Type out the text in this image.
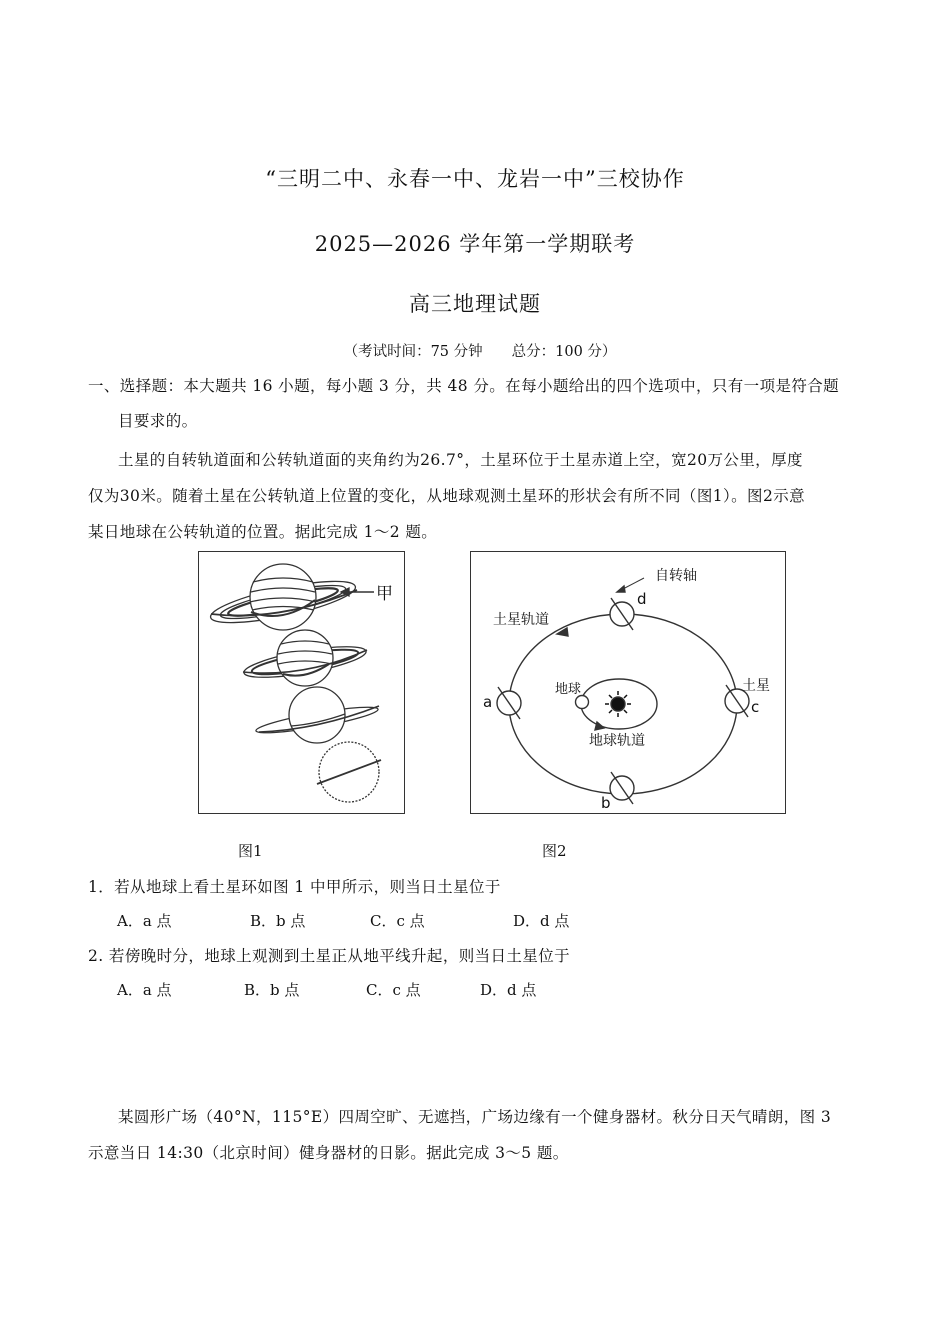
“三明二中、永春一中、龙岩一中”三校协作
2025—2026 学年第一学期联考
高三地理试题
（考试时间：75 分钟　　总分：100 分）
一、选择题：本大题共 16 小题，每小题 3 分，共 48 分。在每小题给出的四个选项中，只有一项是符合题
目要求的。
土星的自转轨道面和公转轨道面的夹角约为26.7°，土星环位于土星赤道上空，宽20万公里，厚度
仅为30米。随着土星在公转轨道上位置的变化，从地球观测土星环的形状会有所不同（图1）。图2示意
某日地球在公转轨道的位置。据此完成 1～2 题。
甲
图1
自转轴
土星轨道
地球
地球轨道
土星
a	c
d
b
图2
1．若从地球上看土星环如图 1 中甲所示，则当日土星位于
A．a 点	B．b 点	C．c 点	D．d 点
2. 若傍晚时分，地球上观测到土星正从地平线升起，则当日土星位于
A．a 点	B．b 点	C．c 点	D．d 点
某圆形广场（40°N，115°E）四周空旷、无遮挡，广场边缘有一个健身器材。秋分日天气晴朗，图 3
示意当日 14:30（北京时间）健身器材的日影。据此完成 3～5 题。
